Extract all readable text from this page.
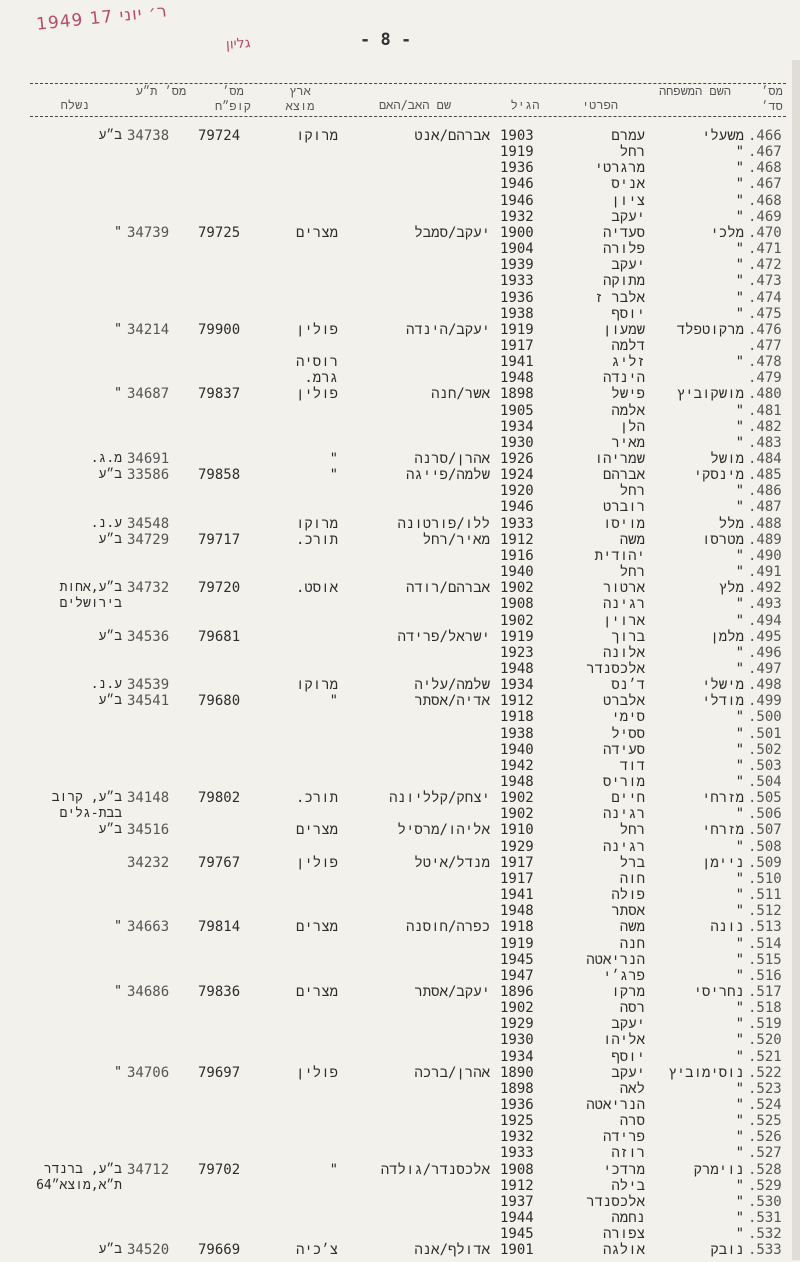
1949 ר׳ יוני 17
גליון	- 8 -
מס׳ סד׳
השם המשפחה
הפרטי
הגיל
שם האב/האם
ארץ מוצא
מס׳ קופ״ח
מס׳ ת״ע
נשלח
.466
משעלי
עמרם
1903
אברהם/אנט
מרוקו
79724
34738
ב״ע
.467
"
רחל
1919
.468
"
מרגרטי
1936
.467
"
אניס
1946
.468
"
ציון
1946
.469
"
יעקב
1932
.470
מלכי
סעדיה
1900
יעקב/סמבל
מצרים
79725
34739
"
.471
"
פלורה
1904
.472
"
יעקב
1939
.473
"
מתוקה
1933
.474
"
אלבר ז
1936
.475
"
יוסף
1938
.476
מרקוטפלד
שמעון
1919
יעקב/הינדה
פולין
79900
34214
"
.477
דלמה
1917
.478
"
זליג
1941
רוסיה
.479
הינדה
1948
גרמ.
.480
מושקוביץ
פישל
1898
אשר/חנה
פולין
79837
34687
"
.481
"
אלמה
1905
.482
"
הלן
1934
.483
"
מאיר
1930
.484
מושל
שמריהו
1926
אהרן/סרנה
"
34691
מ.ג.
.485
מינסקי
אברהם
1924
שלמה/פייגה
"
79858
33586
ב״ע
.486
"
רחל
1920
.487
"
רוברט
1946
.488
מלל
מויסו
1933
ללו/פורטונה
מרוקו
34548
ע.נ.
.489
מטרסו
משה
1912
מאיר/רחל
תורכ.
79717
34729
ב״ע
.490
"
יהודית
1916
.491
"
רחל
1940
.492
מלץ
ארטור
1902
אברהם/רודה
אוסט.
79720
34732
ב״ע,אחות
.493
"
רגינה
1908
בירושלים
.494
"
ארוין
1902
.495
מלמן
ברוך
1919
ישראל/פרידה
79681
34536
ב״ע
.496
"
אלונה
1923
.497
"
אלכסנדר
1948
.498
מישלי
ד׳נס
1934
שלמה/עליה
מרוקו
34539
ע.נ.
.499
מודלי
אלברט
1912
אדיה/אסתר
"
79680
34541
ב״ע
.500
"
סימי
1918
.501
"
ססיל
1938
.502
"
סעידה
1940
.503
"
דוד
1942
.504
"
מוריס
1948
.505
מזרחי
חיים
1902
יצחק/קלליונה
תורכ.
79802
34148
ב״ע, קרוב
.506
"
רגינה
1902
בבת-גלים
.507
מזרחי
רחל
1910
אליהו/מרסיל
מצרים
34516
ב״ע
.508
"
רגינה
1929
.509
ניימן
ברל
1917
מנדל/איטל
פולין
79767
34232
.510
"
חוה
1917
.511
"
פולה
1941
.512
"
אסתר
1948
.513
נונה
משה
1918
כפרה/חוסנה
מצרים
79814
34663
"
.514
"
חנה
1919
.515
"
הנריאטה
1945
.516
"
פרג׳י
1947
.517
נחריסי
מרקו
1896
יעקב/אסתר
מצרים
79836
34686
"
.518
"
רסה
1902
.519
"
יעקב
1929
.520
"
אליהו
1930
.521
"
יוסף
1934
.522
נוסימוביץ
יעקב
1890
אהרן/ברכה
פולין
79697
34706
"
.523
"
לאה
1898
.524
"
הנריאטה
1936
.525
"
סרה
1925
.526
"
פרידה
1932
.527
"
רוזה
1933
.528
נוימרק
מרדכי
1908
אלכסנדר/גולדה
"
79702
34712
ב״ע, ברנדר
.529
"
בילה
1912
ת״א,מוצא״64
.530
"
אלכסנדר
1937
.531
"
נחמה
1944
.532
"
צפורה
1945
.533
נובק
אולגה
1901
אדולף/אנה
צ׳כיה
79669
34520
ב״ע
